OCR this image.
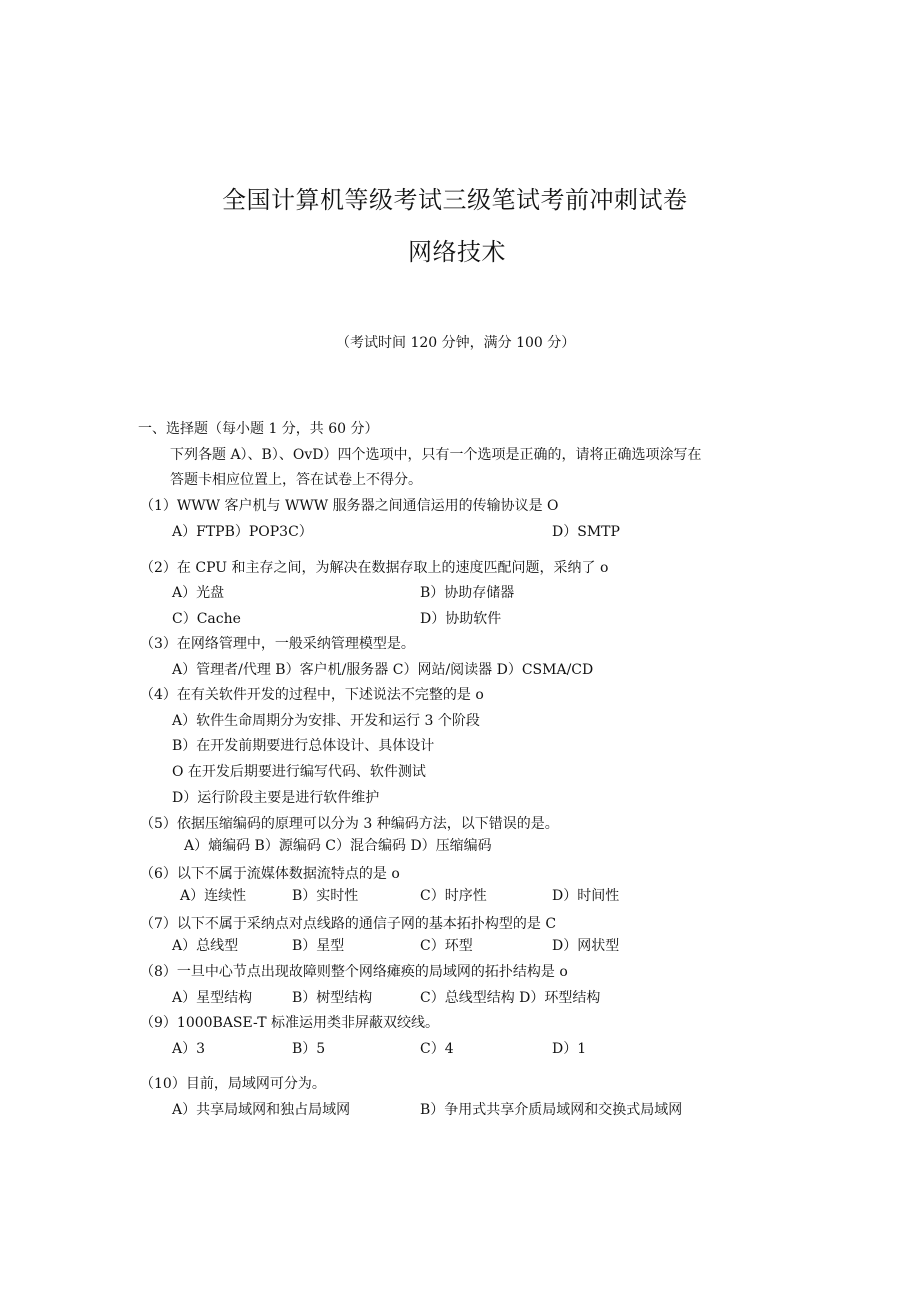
全国计算机等级考试三级笔试考前冲刺试卷
网络技术
（考试时间 120 分钟，满分 100 分）
一、选择题（每小题 1 分，共 60 分）
下列各题 A）、B）、OvD）四个选项中，只有一个选项是正确的，请将正确选项涂写在
答题卡相应位置上，答在试卷上不得分。
（1）WWW 客户机与 WWW 服务器之间通信运用的传输协议是 O
A）FTPB）POP3C）	D）SMTP
（2）在 CPU 和主存之间，为解决在数据存取上的速度匹配问题，采纳了 o
A）光盘	B）协助存储器
C）Cache	D）协助软件
（3）在网络管理中，一般采纳管理模型是。
A）管理者/代理 B）客户机/服务器 C）网站/阅读器 D）CSMA/CD
（4）在有关软件开发的过程中，下述说法不完整的是 o
A）软件生命周期分为安排、开发和运行 3 个阶段
B）在开发前期要进行总体设计、具体设计
O 在开发后期要进行编写代码、软件测试
D）运行阶段主要是进行软件维护
（5）依据压缩编码的原理可以分为 3 种编码方法，以下错误的是。
A）熵编码 B）源编码 C）混合编码 D）压缩编码
（6）以下不属于流媒体数据流特点的是 o
A）连续性	B）实时性	C）时序性	D）时间性
（7）以下不属于采纳点对点线路的通信子网的基本拓扑构型的是 C
A）总线型	B）星型	C）环型	D）网状型
（8）一旦中心节点出现故障则整个网络瘫痪的局域网的拓扑结构是 o
A）星型结构	B）树型结构	C）总线型结构 D）环型结构
（9）1000BASE-T 标准运用类非屏蔽双绞线。
A）3	B）5	C）4	D）1
（10）目前，局域网可分为。
A）共享局域网和独占局域网	B）争用式共享介质局域网和交换式局域网
